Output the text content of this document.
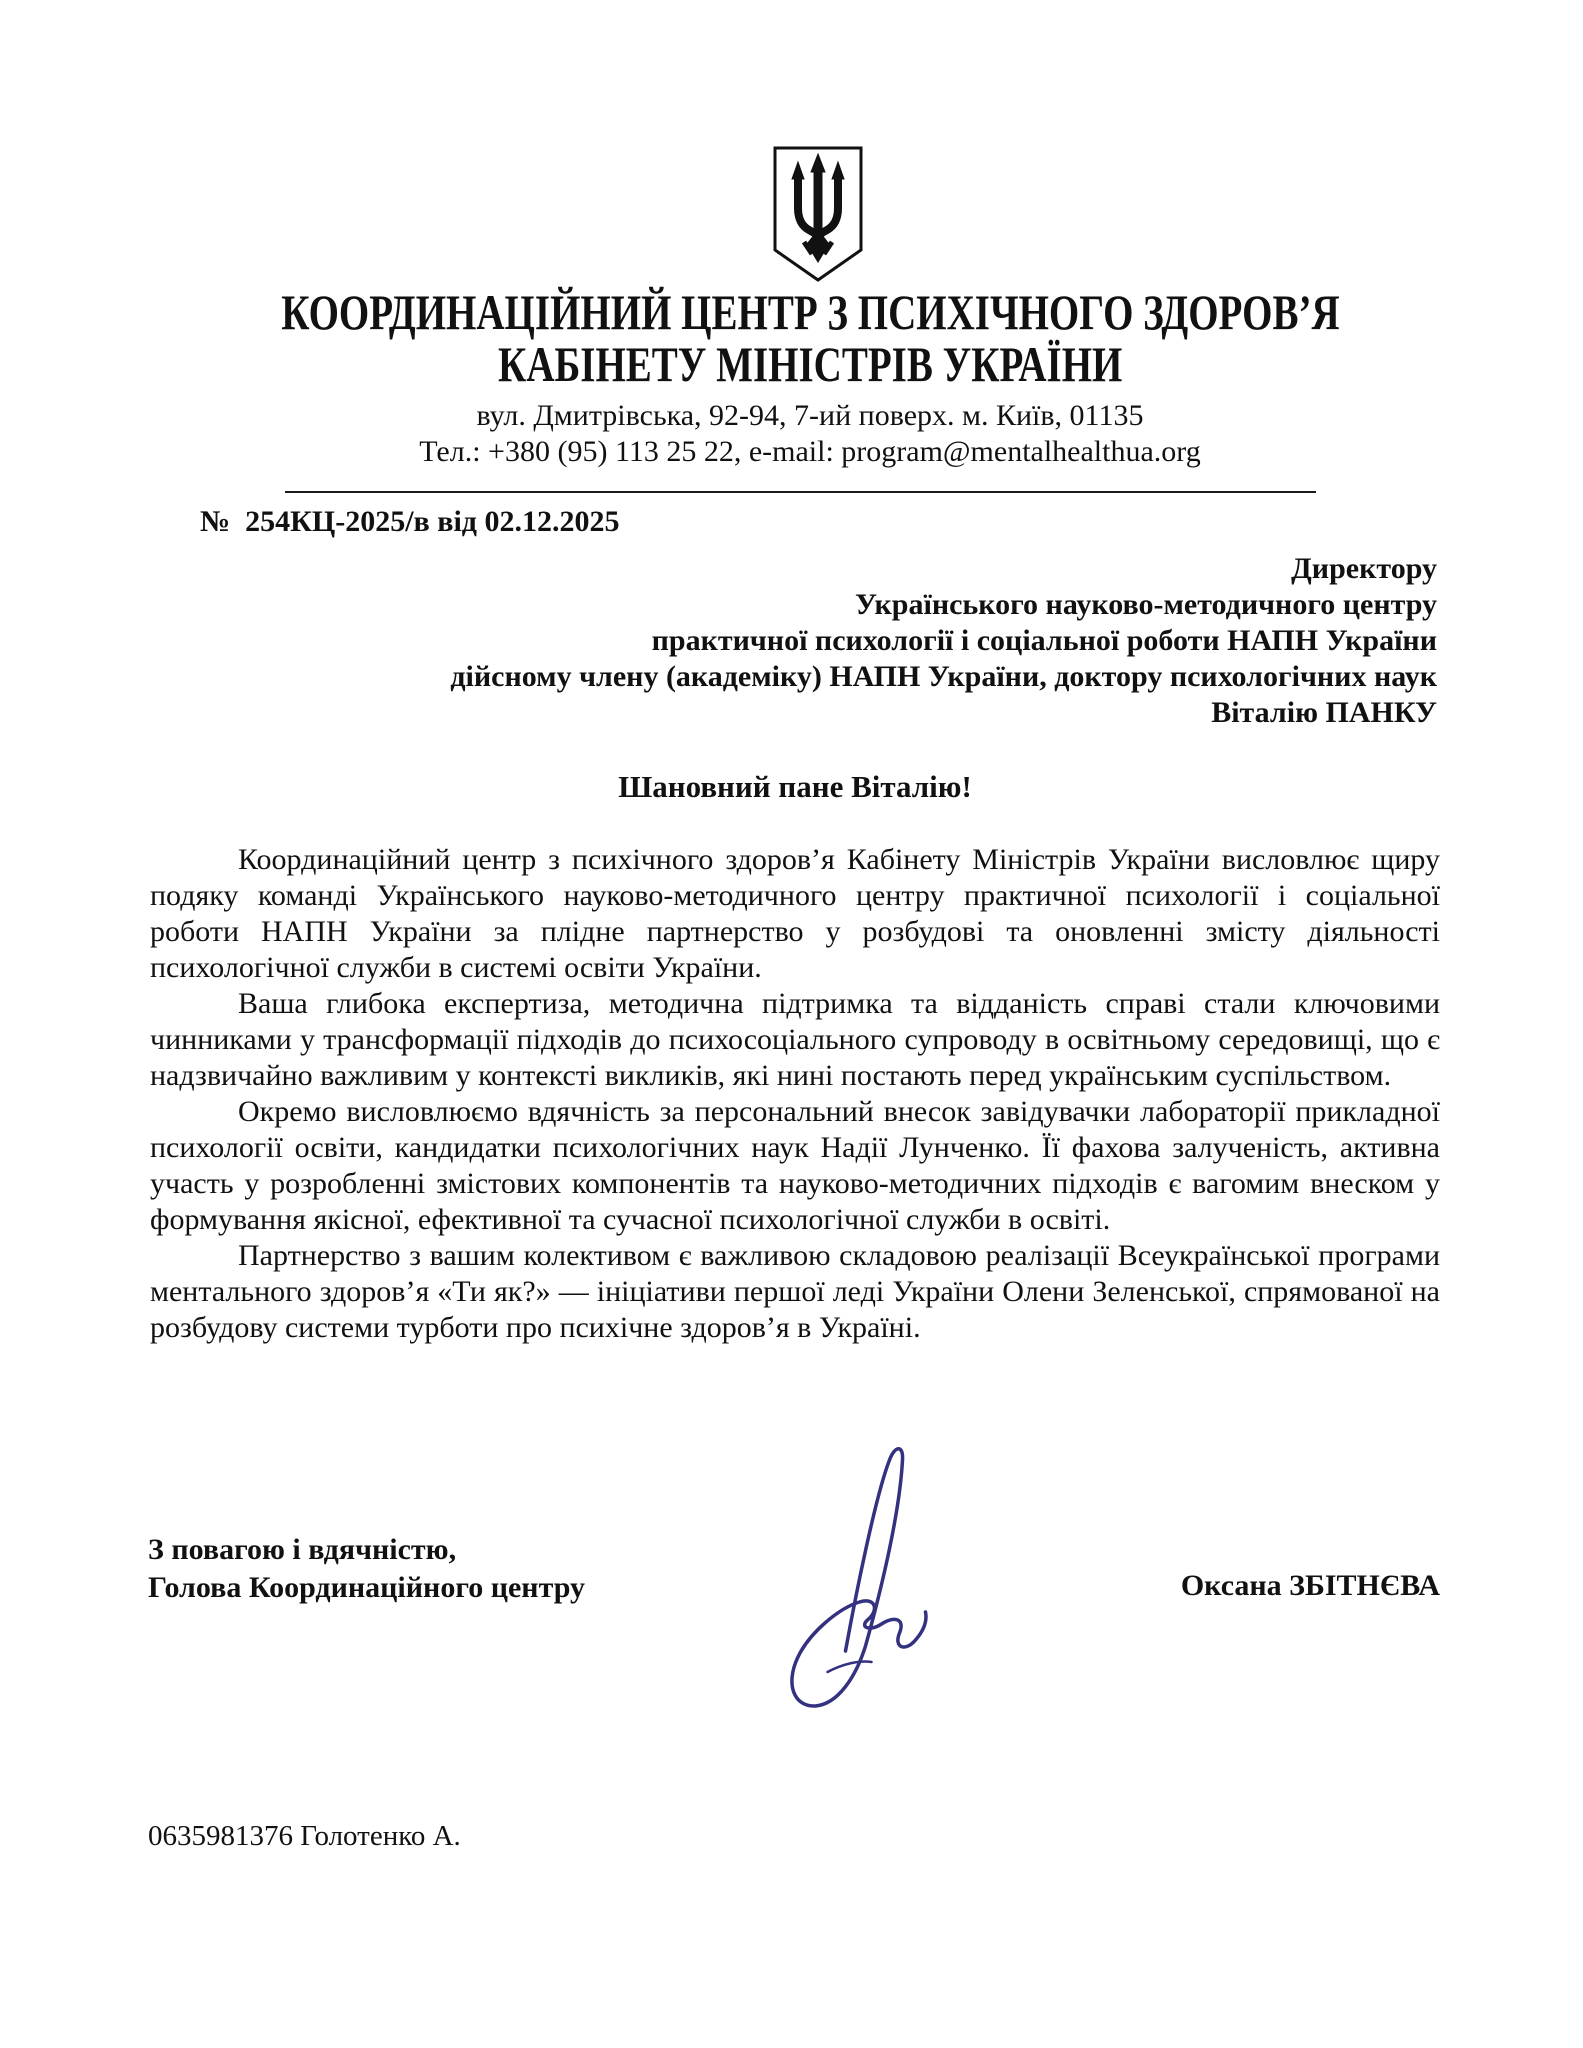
КООРДИНАЦІЙНИЙ ЦЕНТР З ПСИХІЧНОГО ЗДОРОВ’Я
КАБІНЕТУ МІНІСТРІВ УКРАЇНИ
вул. Дмитрівська, 92-94, 7-ий поверх. м. Київ, 01135
Тел.: +380 (95) 113 25 22, e-mail: program@mentalhealthua.org
№  254КЦ-2025/в від 02.12.2025
Директору
Українського науково-методичного центру
практичної психології і соціальної роботи НАПН України
дійсному члену (академіку) НАПН України, доктору психологічних наук
Віталію ПАНКУ
Шановний пане Віталію!

Координаційний центр з психічного здоров’я Кабінету Міністрів України висловлює щиру подяку команді Українського науково-методичного центру практичної психології і соціальної роботи НАПН України за плідне партнерство у розбудові та оновленні змісту діяльності психологічної служби в системі освіти України.

Ваша глибока експертиза, методична підтримка та відданість справі стали ключовими чинниками у трансформації підходів до психосоціального супроводу в освітньому середовищі, що є надзвичайно важливим у контексті викликів, які нині постають перед українським суспільством.

Окремо висловлюємо вдячність за персональний внесок завідувачки лабораторії прикладної психології освіти, кандидатки психологічних наук Надії Лунченко. Її фахова залученість, активна участь у розробленні змістових компонентів та науково-методичних підходів є вагомим внеском у формування якісної, ефективної та сучасної психологічної служби в освіті.

Партнерство з вашим колективом є важливою складовою реалізації Всеукраїнської програми ментального здоров’я «Ти як?» — ініціативи першої леді України Олени Зеленської, спрямованої на розбудову системи турботи про психічне здоров’я в Україні.

З повагою і вдячністю,
Голова Координаційного центру	Оксана ЗБІТНЄВА
0635981376 Голотенко А.
